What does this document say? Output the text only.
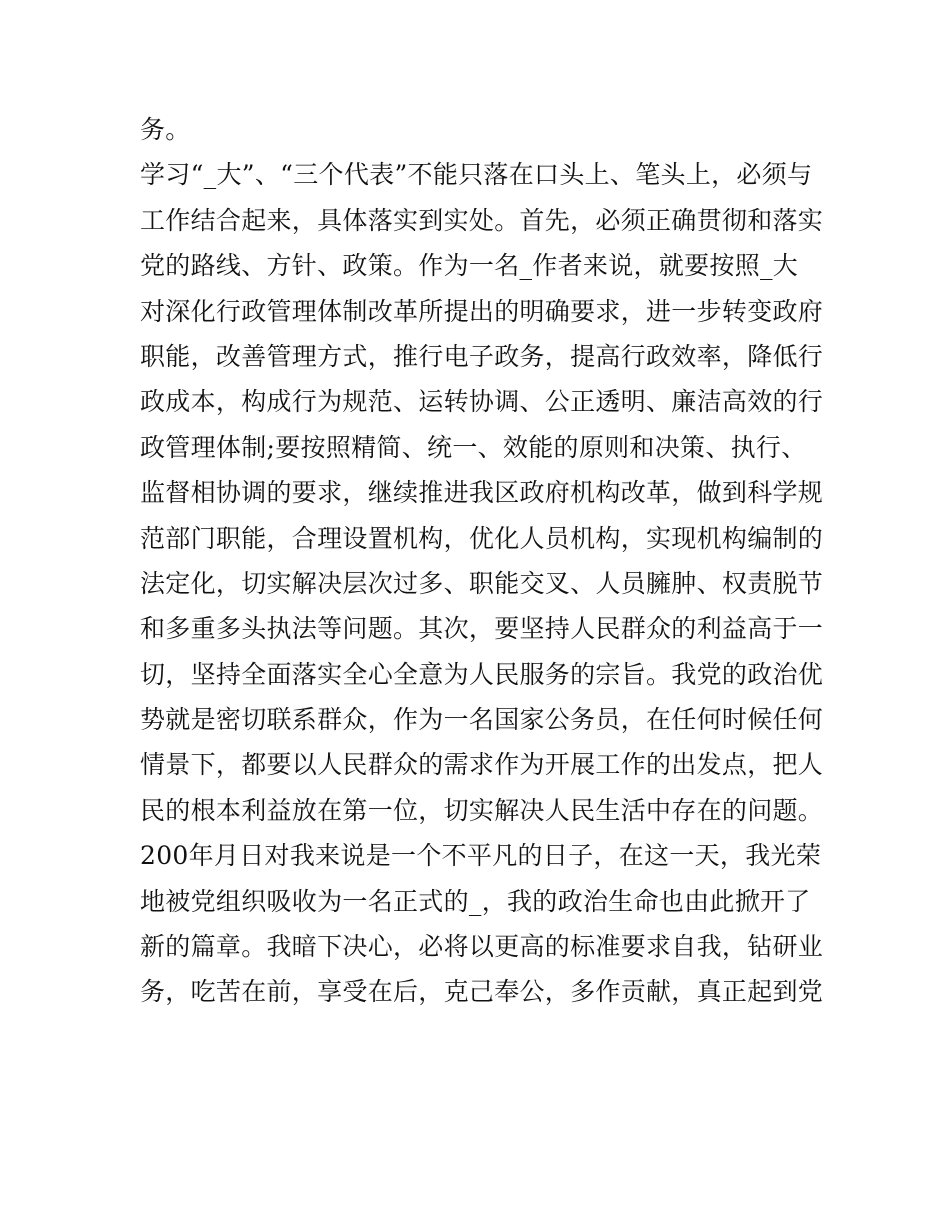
务。
学习“_大”、“三个代表”不能只落在口头上、笔头上，必须与
工作结合起来，具体落实到实处。首先，必须正确贯彻和落实
党的路线、方针、政策。作为一名_作者来说，就要按照_大
对深化行政管理体制改革所提出的明确要求，进一步转变政府
职能，改善管理方式，推行电子政务，提高行政效率，降低行
政成本，构成行为规范、运转协调、公正透明、廉洁高效的行
政管理体制;要按照精简、统一、效能的原则和决策、执行、
监督相协调的要求，继续推进我区政府机构改革，做到科学规
范部门职能，合理设置机构，优化人员机构，实现机构编制的
法定化，切实解决层次过多、职能交叉、人员臃肿、权责脱节
和多重多头执法等问题。其次，要坚持人民群众的利益高于一
切，坚持全面落实全心全意为人民服务的宗旨。我党的政治优
势就是密切联系群众，作为一名国家公务员，在任何时候任何
情景下，都要以人民群众的需求作为开展工作的出发点，把人
民的根本利益放在第一位，切实解决人民生活中存在的问题。
200年月日对我来说是一个不平凡的日子，在这一天，我光荣
地被党组织吸收为一名正式的_，我的政治生命也由此掀开了
新的篇章。我暗下决心，必将以更高的标准要求自我，钻研业
务，吃苦在前，享受在后，克己奉公，多作贡献，真正起到党
